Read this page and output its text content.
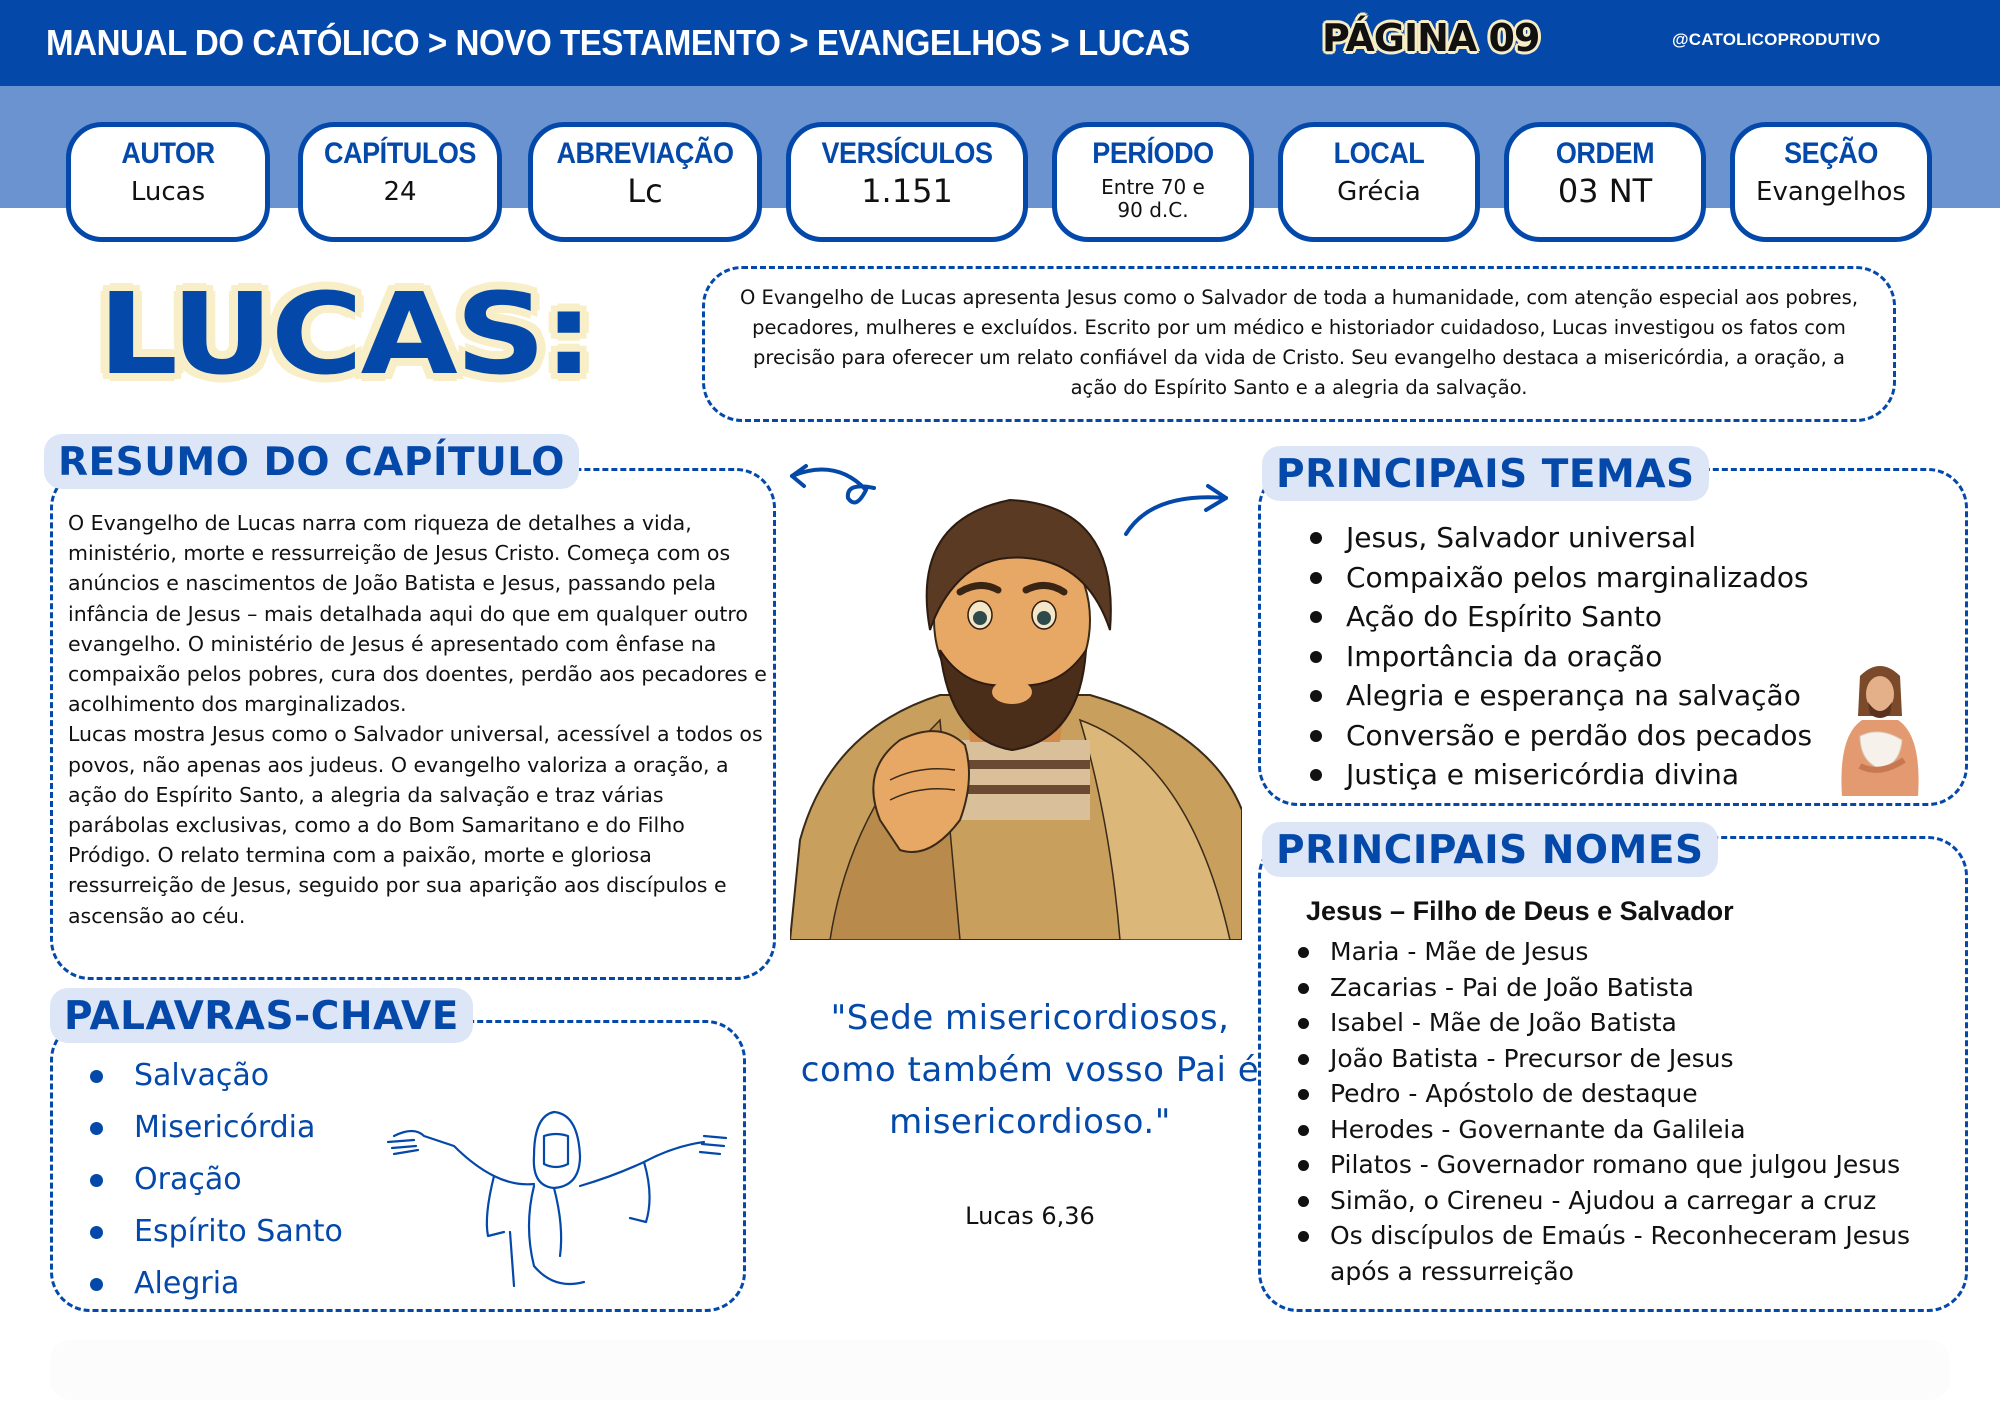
MANUAL DO CATÓLICO > NOVO TESTAMENTO > EVANGELHOS > LUCAS	PÁGINA 09	@CATOLICOPRODUTIVO
AUTOR
Lucas
CAPÍTULOS
24
ABREVIAÇÃO
Lc
VERSÍCULOS
1.151
PERÍODO
Entre 70 e
90 d.C.
LOCAL
Grécia
ORDEM
03 NT
SEÇÃO
Evangelhos
LUCAS:	O Evangelho de Lucas apresenta Jesus como o Salvador de toda a humanidade, com atenção especial aos pobres, pecadores, mulheres e excluídos. Escrito por um médico e historiador cuidadoso, Lucas investigou os fatos com precisão para oferecer um relato confiável da vida de Cristo. Seu evangelho destaca a misericórdia, a oração, a ação do Espírito Santo e a alegria da salvação.

RESUMO DO CAPÍTULO

O Evangelho de Lucas narra com riqueza de detalhes a vida, ministério, morte e ressurreição de Jesus Cristo. Começa com os anúncios e nascimentos de João Batista e Jesus, passando pela infância de Jesus – mais detalhada aqui do que em qualquer outro evangelho. O ministério de Jesus é apresentado com ênfase na compaixão pelos pobres, cura dos doentes, perdão aos pecadores e acolhimento dos marginalizados.

Lucas mostra Jesus como o Salvador universal, acessível a todos os povos, não apenas aos judeus. O evangelho valoriza a oração, a ação do Espírito Santo, a alegria da salvação e traz várias parábolas exclusivas, como a do Bom Samaritano e do Filho Pródigo. O relato termina com a paixão, morte e gloriosa ressurreição de Jesus, seguido por sua aparição aos discípulos e ascensão ao céu.

PRINCIPAIS TEMAS
Jesus, Salvador universal
Compaixão pelos marginalizados
Ação do Espírito Santo
Importância da oração
Alegria e esperança na salvação
Conversão e perdão dos pecados
Justiça e misericórdia divina
PRINCIPAIS NOMES
Jesus – Filho de Deus e Salvador
Maria - Mãe de Jesus
Zacarias - Pai de João Batista
Isabel - Mãe de João Batista
João Batista - Precursor de Jesus
Pedro - Apóstolo de destaque
Herodes - Governante da Galileia
Pilatos - Governador romano que julgou Jesus
Simão, o Cireneu - Ajudou a carregar a cruz
Os discípulos de Emaús - Reconheceram Jesus após a ressurreição
PALAVRAS-CHAVE
Salvação
Misericórdia
Oração
Espírito Santo
Alegria
"Sede misericordiosos, como também vosso Pai é misericordioso."
Lucas 6,36
